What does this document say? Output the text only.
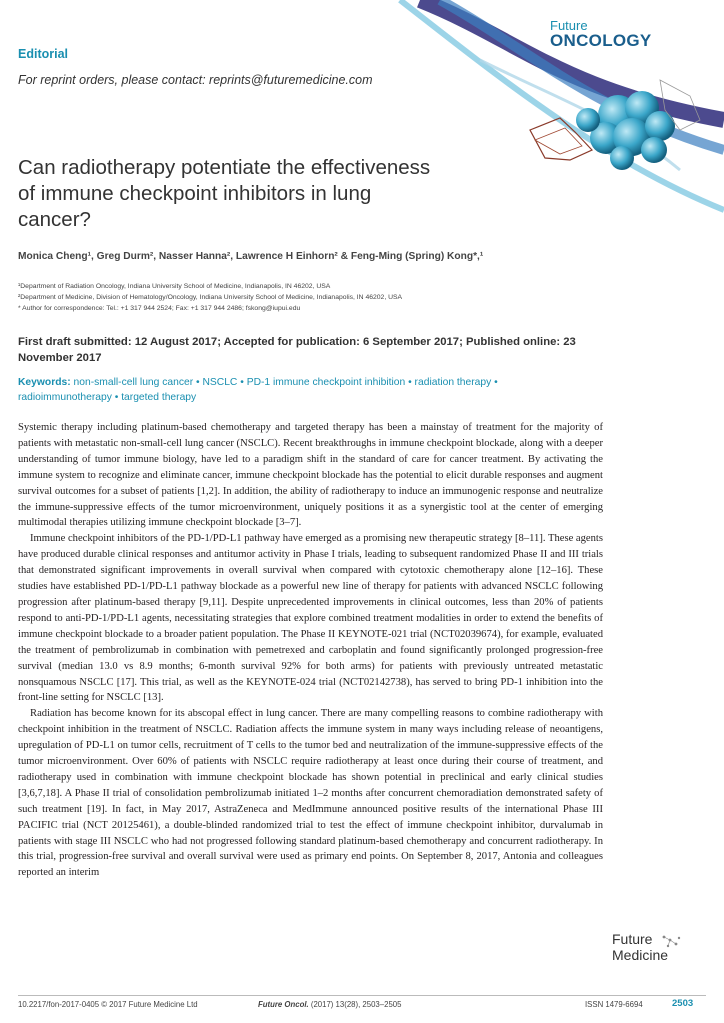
Editorial
For reprint orders, please contact: reprints@futuremedicine.com
Future
ONCOLOGY
Can radiotherapy potentiate the effectiveness of immune checkpoint inhibitors in lung cancer?
Monica Cheng¹, Greg Durm², Nasser Hanna², Lawrence H Einhorn² & Feng-Ming (Spring) Kong*,¹
¹Department of Radiation Oncology, Indiana University School of Medicine, Indianapolis, IN 46202, USA
²Department of Medicine, Division of Hematology/Oncology, Indiana University School of Medicine, Indianapolis, IN 46202, USA
* Author for correspondence: Tel.: +1 317 944 2524; Fax: +1 317 944 2486; fskong@iupui.edu
First draft submitted: 12 August 2017; Accepted for publication: 6 September 2017; Published online: 23 November 2017
Keywords: non-small-cell lung cancer • NSCLC • PD-1 immune checkpoint inhibition • radiation therapy • radioimmunotherapy • targeted therapy

Systemic therapy including platinum-based chemotherapy and targeted therapy has been a mainstay of treatment for the majority of patients with metastatic non-small-cell lung cancer (NSCLC). Recent breakthroughs in immune checkpoint blockade, along with a deeper understanding of tumor immune biology, have led to a paradigm shift in the standard of care for cancer treatment. By activating the immune system to recognize and eliminate cancer, immune checkpoint blockade has the potential to elicit durable responses and augment survival outcomes for a subset of patients [1,2]. In addition, the ability of radiotherapy to induce an immunogenic response and neutralize the immune-suppressive effects of the tumor microenvironment, uniquely positions it as a synergistic tool at the center of emerging multimodal therapies utilizing immune checkpoint blockade [3–7].

Immune checkpoint inhibitors of the PD-1/PD-L1 pathway have emerged as a promising new therapeutic strategy [8–11]. These agents have produced durable clinical responses and antitumor activity in Phase I trials, leading to subsequent randomized Phase II and III trials that demonstrated significant improvements in overall survival when compared with cytotoxic chemotherapy alone [12–16]. These studies have established PD-1/PD-L1 pathway blockade as a powerful new line of therapy for patients with advanced NSCLC following progression after platinum-based therapy [9,11]. Despite unprecedented improvements in clinical outcomes, less than 20% of patients respond to anti-PD-1/PD-L1 agents, necessitating strategies that explore combined treatment modalities in order to extend the benefits of immune checkpoint blockade to a broader patient population. The Phase II KEYNOTE-021 trial (NCT02039674), for example, evaluated the treatment of pembrolizumab in combination with pemetrexed and carboplatin and found significantly prolonged progression-free survival (median 13.0 vs 8.9 months; 6-month survival 92% for both arms) for patients with previously untreated metastatic nonsquamous NSCLC [17]. This trial, as well as the KEYNOTE-024 trial (NCT02142738), has served to bring PD-1 inhibition into the front-line setting for NSCLC [13].

Radiation has become known for its abscopal effect in lung cancer. There are many compelling reasons to combine radiotherapy with checkpoint inhibition in the treatment of NSCLC. Radiation affects the immune system in many ways including release of neoantigens, upregulation of PD-L1 on tumor cells, recruitment of T cells to the tumor bed and neutralization of the immune-suppressive effects of the tumor microenvironment. Over 60% of patients with NSCLC require radiotherapy at least once during their course of treatment, and radiotherapy used in combination with immune checkpoint blockade has shown potential in preclinical and early clinical studies [3,6,7,18]. A Phase II trial of consolidation pembrolizumab initiated 1–2 months after concurrent chemoradiation demonstrated safety of such treatment [19]. In fact, in May 2017, AstraZeneca and MedImmune announced positive results of the international Phase III PACIFIC trial (NCT 20125461), a double-blinded randomized trial to test the effect of immune checkpoint inhibitor, durvalumab in patients with stage III NSCLC who had not progressed following standard platinum-based chemotherapy and concurrent radiotherapy. In this trial, progression-free survival and overall survival were used as primary end points. On September 8, 2017, Antonia and colleagues reported an interim

Future
Medicine
10.2217/fon-2017-0405 © 2017 Future Medicine Ltd	Future Oncol. (2017) 13(28), 2503–2505	ISSN 1479-6694	2503
